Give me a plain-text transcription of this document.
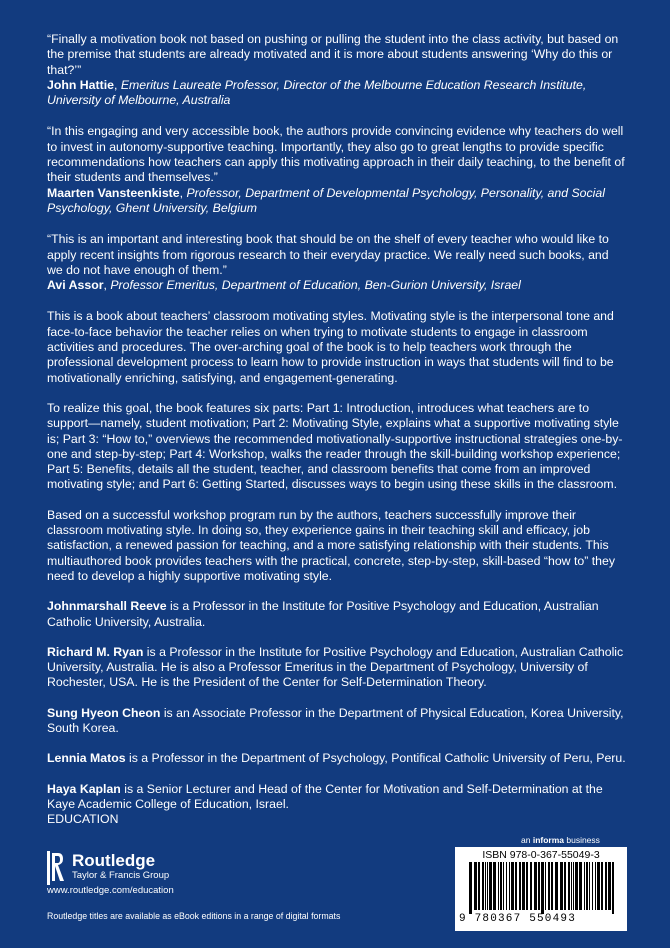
“Finally a motivation book not based on pushing or pulling the student into the class activity, but based on the premise that students are already motivated and it is more about students answering ‘Why do this or that?’”
John Hattie, Emeritus Laureate Professor, Director of the Melbourne Education Research Institute, University of Melbourne, Australia

“In this engaging and very accessible book, the authors provide convincing evidence why teachers do well to invest in autonomy-supportive teaching. Importantly, they also go to great lengths to provide specific recommendations how teachers can apply this motivating approach in their daily teaching, to the benefit of their students and themselves.”
Maarten Vansteenkiste, Professor, Department of Developmental Psychology, Personality, and Social Psychology, Ghent University, Belgium

“This is an important and interesting book that should be on the shelf of every teacher who would like to apply recent insights from rigorous research to their everyday practice. We really need such books, and we do not have enough of them.”
Avi Assor, Professor Emeritus, Department of Education, Ben-Gurion University, Israel

This is a book about teachers’ classroom motivating styles. Motivating style is the interpersonal tone and face-to-face behavior the teacher relies on when trying to motivate students to engage in classroom activities and procedures. The over-arching goal of the book is to help teachers work through the professional development process to learn how to provide instruction in ways that students will find to be motivationally enriching, satisfying, and engagement-generating.

To realize this goal, the book features six parts: Part 1: Introduction, introduces what teachers are to support—namely, student motivation; Part 2: Motivating Style, explains what a supportive motivating style is; Part 3: “How to,” overviews the recommended motivationally-supportive instructional strategies one-by-one and step-by-step; Part 4: Workshop, walks the reader through the skill-building workshop experience; Part 5: Benefits, details all the student, teacher, and classroom benefits that come from an improved motivating style; and Part 6: Getting Started, discusses ways to begin using these skills in the classroom.

Based on a successful workshop program run by the authors, teachers successfully improve their classroom motivating style. In doing so, they experience gains in their teaching skill and efficacy, job satisfaction, a renewed passion for teaching, and a more satisfying relationship with their students. This multiauthored book provides teachers with the practical, concrete, step-by-step, skill-based “how to” they need to develop a highly supportive motivating style.

Johnmarshall Reeve is a Professor in the Institute for Positive Psychology and Education, Australian Catholic University, Australia.

Richard M. Ryan is a Professor in the Institute for Positive Psychology and Education, Australian Catholic University, Australia. He is also a Professor Emeritus in the Department of Psychology, University of Rochester, USA. He is the President of the Center for Self-Determination Theory.

Sung Hyeon Cheon is an Associate Professor in the Department of Physical Education, Korea University, South Korea.

Lennia Matos is a Professor in the Department of Psychology, Pontifical Catholic University of Peru, Peru.

Haya Kaplan is a Senior Lecturer and Head of the Center for Motivation and Self-Determination at the Kaye Academic College of Education, Israel.

EDUCATION
an informa business
Routledge
Taylor & Francis Group
www.routledge.com/education
Routledge titles are available as eBook editions in a range of digital formats
ISBN 978-0-367-55049-3
9 780367 550493
